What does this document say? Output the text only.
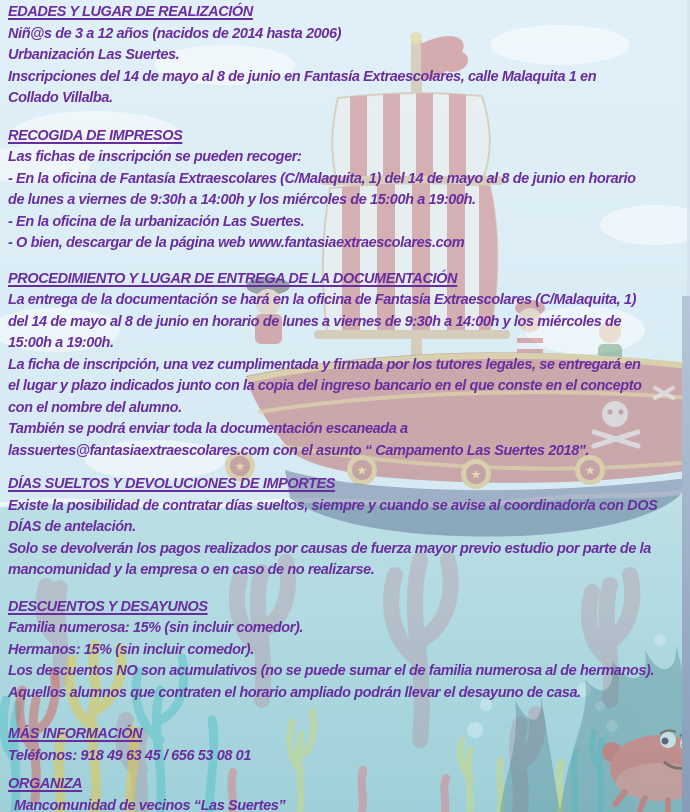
★	★	★	★
EDADES Y LUGAR DE REALIZACIÓN
Niñ@s de 3 a 12 años (nacidos de 2014 hasta 2006)
Urbanización Las Suertes.
Inscripciones del 14 de mayo al 8 de junio en Fantasía Extraescolares, calle Malaquita 1 en
Collado Villalba.
RECOGIDA DE IMPRESOS
Las fichas de inscripción se pueden recoger:
- En la oficina de Fantasía Extraescolares (C/Malaquita, 1) del 14 de mayo al 8 de junio en horario
de lunes a viernes de 9:30h a 14:00h y los miércoles de 15:00h a 19:00h.
- En la oficina de la urbanización Las Suertes.
- O bien, descargar de la página web www.fantasiaextraescolares.com
PROCEDIMIENTO Y LUGAR DE ENTREGA DE LA DOCUMENTACIÓN
La entrega de la documentación se hará en la oficina de Fantasía Extraescolares (C/Malaquita, 1)
del 14 de mayo al 8 de junio en horario de lunes a viernes de 9:30h a 14:00h y los miércoles de
15:00h a 19:00h.
La ficha de inscripción, una vez cumplimentada y firmada por los tutores legales, se entregará en
el lugar y plazo indicados junto con la copia del ingreso bancario en el que conste en el concepto
con el nombre del alumno.
También se podrá enviar toda la documentación escaneada a
lassuertes@fantasiaextraescolares.com con el asunto “ Campamento Las Suertes 2018".
DÍAS SUELTOS Y DEVOLUCIONES DE IMPORTES
Existe la posibilidad de contratar días sueltos, siempre y cuando se avise al coordinador/a con DOS
DÍAS de antelación.
Solo se devolverán los pagos realizados por causas de fuerza mayor previo estudio por parte de la
mancomunidad y la empresa o en caso de no realizarse.
DESCUENTOS Y DESAYUNOS
Familia numerosa: 15% (sin incluir comedor).
Hermanos: 15% (sin incluir comedor).
Los descuentos NO son acumulativos (no se puede sumar el de familia numerosa al de hermanos).
Aquellos alumnos que contraten el horario ampliado podrán llevar el desayuno de casa.
MÁS INFORMACIÓN
Teléfonos: 918 49 63 45 / 656 53 08 01
ORGANIZA
Mancomunidad de vecinos “Las Suertes”
